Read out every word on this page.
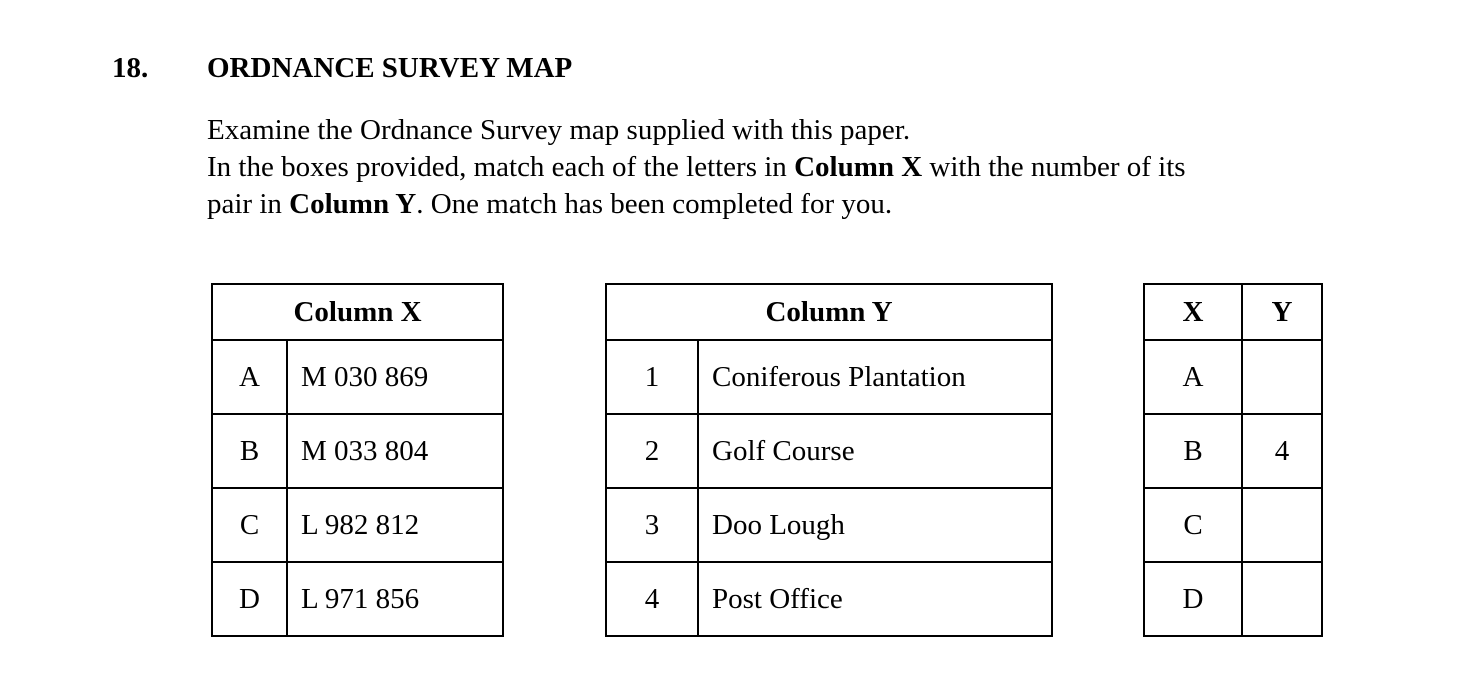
18. ORDNANCE SURVEY MAP

Examine the Ordnance Survey map supplied with this paper.

In the boxes provided, match each of the letters in Column X with the number of its

pair in Column Y. One match has been completed for you.

Column X	
A	M 030 869
B	M 033 804
C	L 982 812
D	L 971 856
Column Y	
1	Coniferous Plantation
2	Golf Course
3	Doo Lough
4	Post Office
X	Y
A	
B	4
C	
D	
